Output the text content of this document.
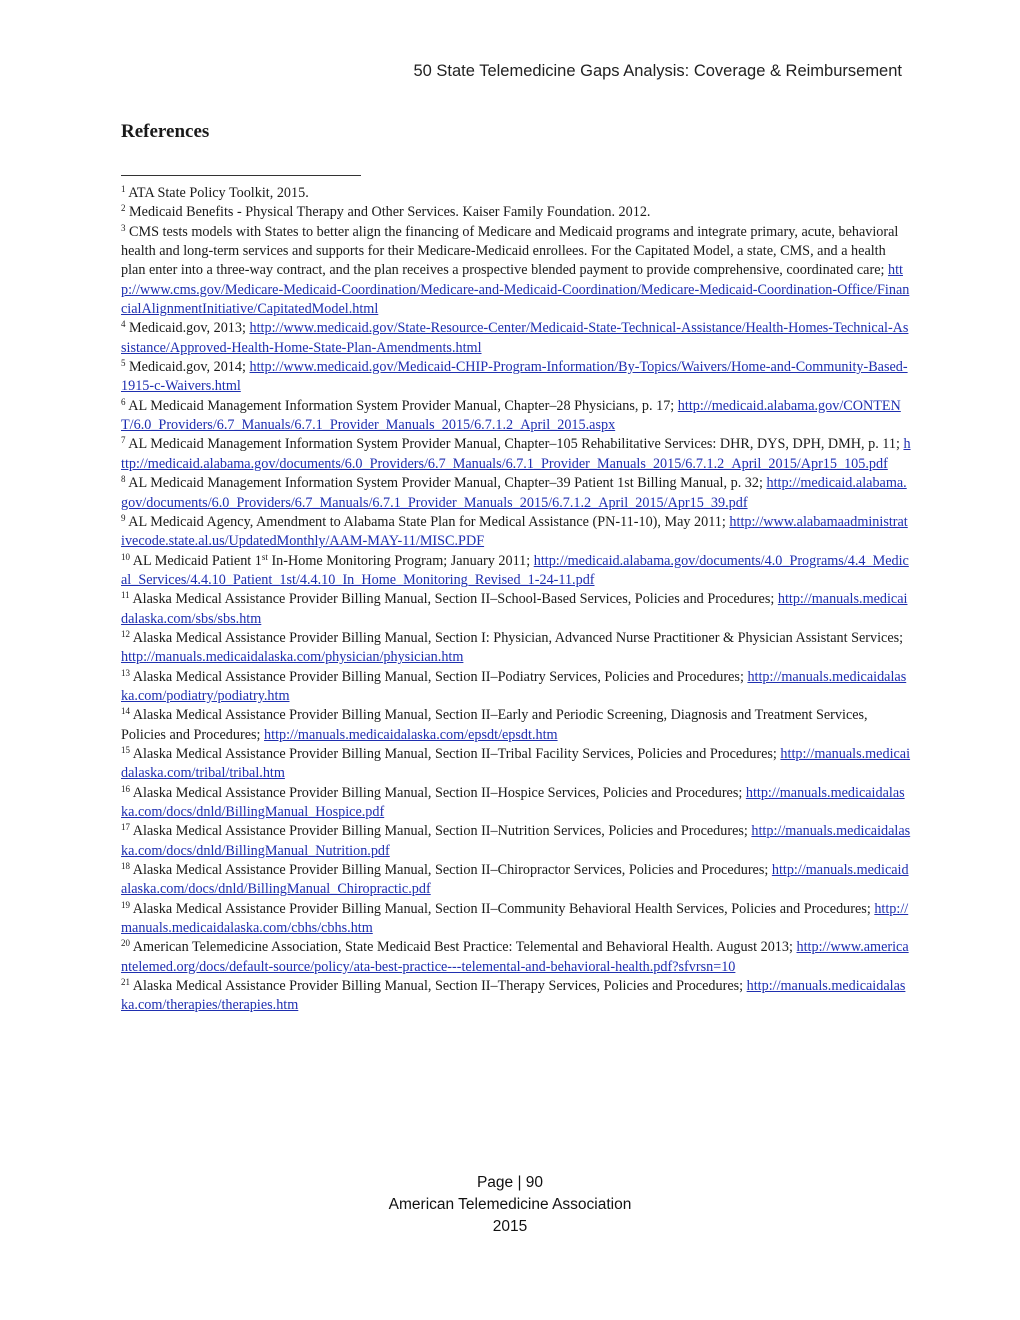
50 State Telemedicine Gaps Analysis: Coverage & Reimbursement
References

$^1$ ATA State Policy Toolkit, 2015.

$^2$ Medicaid Benefits - Physical Therapy and Other Services. Kaiser Family Foundation. 2012.

$^3$ CMS tests models with States to better align the financing of Medicare and Medicaid programs and integrate primary, acute, behavioral health and long-term services and supports for their Medicare-Medicaid enrollees. For the Capitated Model, a state, CMS, and a health plan enter into a three-way contract, and the plan receives a prospective blended payment to provide comprehensive, coordinated care; http://www.cms.gov/Medicare-Medicaid-Coordination/Medicare-and-Medicaid-Coordination/Medicare-Medicaid-Coordination-Office/FinancialAlignmentInitiative/CapitatedModel.html

$^4$ Medicaid.gov, 2013; http://www.medicaid.gov/State-Resource-Center/Medicaid-State-Technical-Assistance/Health-Homes-Technical-Assistance/Approved-Health-Home-State-Plan-Amendments.html

$^5$ Medicaid.gov, 2014; http://www.medicaid.gov/Medicaid-CHIP-Program-Information/By-Topics/Waivers/Home-and-Community-Based-1915-c-Waivers.html

$^6$ AL Medicaid Management Information System Provider Manual, Chapter–28 Physicians, p. 17; http://medicaid.alabama.gov/CONTENT/6.0_Providers/6.7_Manuals/6.7.1_Provider_Manuals_2015/6.7.1.2_April_2015.aspx

$^7$ AL Medicaid Management Information System Provider Manual, Chapter–105 Rehabilitative Services: DHR, DYS, DPH, DMH, p. 11; http://medicaid.alabama.gov/documents/6.0_Providers/6.7_Manuals/6.7.1_Provider_Manuals_2015/6.7.1.2_April_2015/Apr15_105.pdf

$^8$ AL Medicaid Management Information System Provider Manual, Chapter–39 Patient 1st Billing Manual, p. 32; http://medicaid.alabama.gov/documents/6.0_Providers/6.7_Manuals/6.7.1_Provider_Manuals_2015/6.7.1.2_April_2015/Apr15_39.pdf

$^9$ AL Medicaid Agency, Amendment to Alabama State Plan for Medical Assistance (PN-11-10), May 2011; http://www.alabamaadministrativecode.state.al.us/UpdatedMonthly/AAM-MAY-11/MISC.PDF

$^{10}$ AL Medicaid Patient 1st In-Home Monitoring Program; January 2011; http://medicaid.alabama.gov/documents/4.0_Programs/4.4_Medical_Services/4.4.10_Patient_1st/4.4.10_In_Home_Monitoring_Revised_1-24-11.pdf

$^{11}$ Alaska Medical Assistance Provider Billing Manual, Section II–School-Based Services, Policies and Procedures; http://manuals.medicaidalaska.com/sbs/sbs.htm

$^{12}$ Alaska Medical Assistance Provider Billing Manual, Section I: Physician, Advanced Nurse Practitioner & Physician Assistant Services; http://manuals.medicaidalaska.com/physician/physician.htm

$^{13}$ Alaska Medical Assistance Provider Billing Manual, Section II–Podiatry Services, Policies and Procedures; http://manuals.medicaidalaska.com/podiatry/podiatry.htm

$^{14}$ Alaska Medical Assistance Provider Billing Manual, Section II–Early and Periodic Screening, Diagnosis and Treatment Services, Policies and Procedures; http://manuals.medicaidalaska.com/epsdt/epsdt.htm

$^{15}$ Alaska Medical Assistance Provider Billing Manual, Section II–Tribal Facility Services, Policies and Procedures; http://manuals.medicaidalaska.com/tribal/tribal.htm

$^{16}$ Alaska Medical Assistance Provider Billing Manual, Section II–Hospice Services, Policies and Procedures; http://manuals.medicaidalaska.com/docs/dnld/BillingManual_Hospice.pdf

$^{17}$ Alaska Medical Assistance Provider Billing Manual, Section II–Nutrition Services, Policies and Procedures; http://manuals.medicaidalaska.com/docs/dnld/BillingManual_Nutrition.pdf

$^{18}$ Alaska Medical Assistance Provider Billing Manual, Section II–Chiropractor Services, Policies and Procedures; http://manuals.medicaidalaska.com/docs/dnld/BillingManual_Chiropractic.pdf

$^{19}$ Alaska Medical Assistance Provider Billing Manual, Section II–Community Behavioral Health Services, Policies and Procedures; http://manuals.medicaidalaska.com/cbhs/cbhs.htm

$^{20}$ American Telemedicine Association, State Medicaid Best Practice: Telemental and Behavioral Health. August 2013; http://www.americantelemed.org/docs/default-source/policy/ata-best-practice---telemental-and-behavioral-health.pdf?sfvrsn=10

$^{21}$ Alaska Medical Assistance Provider Billing Manual, Section II–Therapy Services, Policies and Procedures; http://manuals.medicaidalaska.com/therapies/therapies.htm

Page | 90
American Telemedicine Association
2015
